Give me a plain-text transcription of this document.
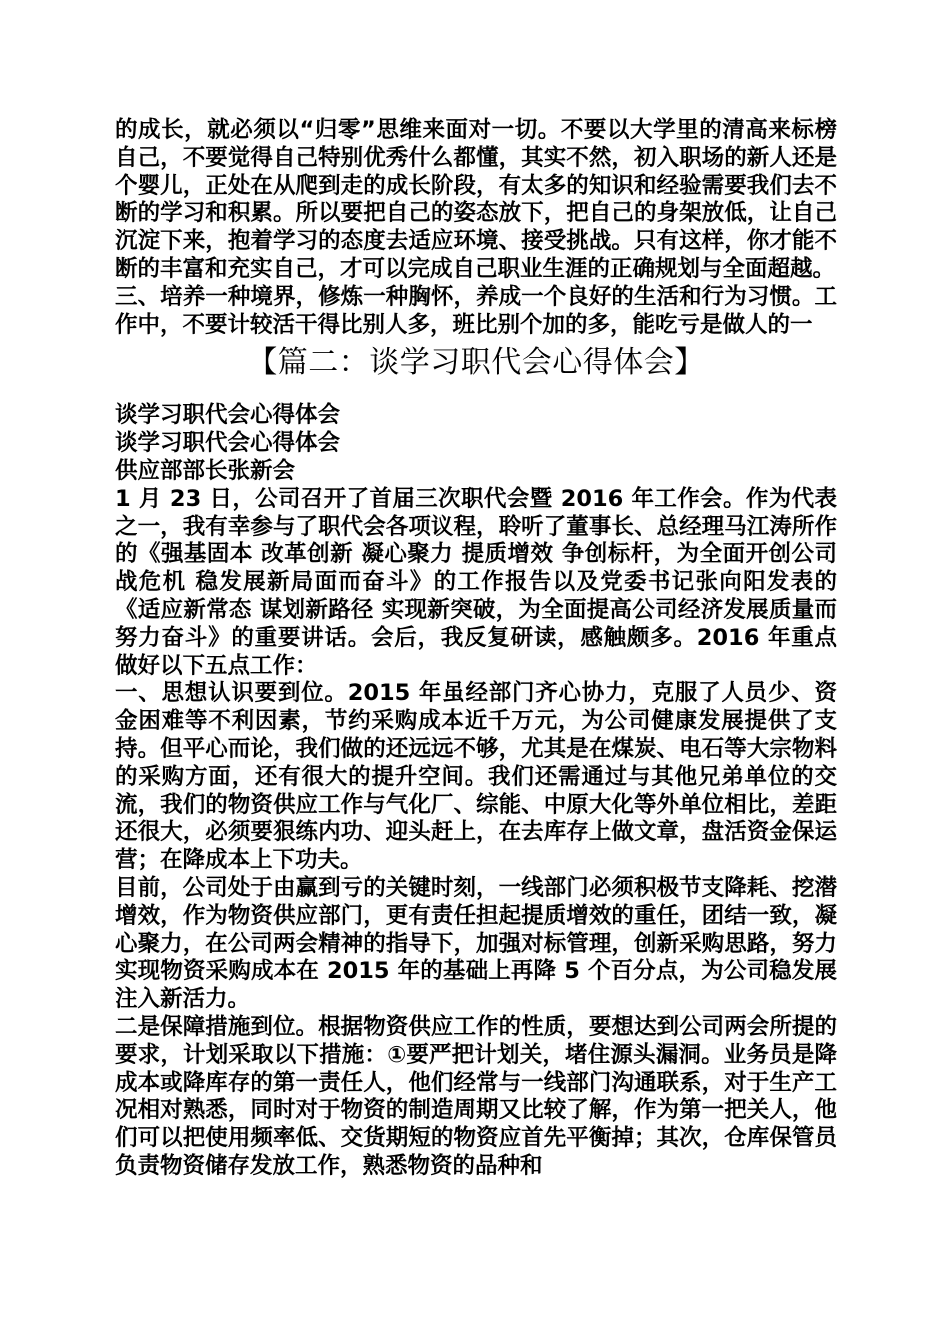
的成长，就必须以“归零”思维来面对一切。不要以大学里的清高来标榜自己，不要觉得自己特别优秀什么都懂，其实不然，初入职场的新人还是个婴儿，正处在从爬到走的成长阶段，有太多的知识和经验需要我们去不断的学习和积累。所以要把自己的姿态放下，把自己的身架放低，让自己沉淀下来，抱着学习的态度去适应环境、接受挑战。只有这样，你才能不断的丰富和充实自己，才可以完成自己职业生涯的正确规划与全面超越。

三、培养一种境界，修炼一种胸怀，养成一个良好的生活和行为习惯。工作中，不要计较活干得比别人多，班比别个加的多，能吃亏是做人的一

【篇二：谈学习职代会心得体会】
谈学习职代会心得体会
谈学习职代会心得体会
供应部部长张新会

1 月 23 日，公司召开了首届三次职代会暨 2016 年工作会。作为代表之一，我有幸参与了职代会各项议程，聆听了董事长、总经理马江涛所作的《强基固本 改革创新 凝心聚力 提质增效 争创标杆，为全面开创公司战危机 稳发展新局面而奋斗》的工作报告以及党委书记张向阳发表的《适应新常态 谋划新路径 实现新突破，为全面提高公司经济发展质量而努力奋斗》的重要讲话。会后，我反复研读，感触颇多。2016 年重点做好以下五点工作：

一、思想认识要到位。2015 年虽经部门齐心协力，克服了人员少、资金困难等不利因素，节约采购成本近千万元，为公司健康发展提供了支持。但平心而论，我们做的还远远不够，尤其是在煤炭、电石等大宗物料的采购方面，还有很大的提升空间。我们还需通过与其他兄弟单位的交流，我们的物资供应工作与气化厂、综能、中原大化等外单位相比，差距还很大，必须要狠练内功、迎头赶上，在去库存上做文章，盘活资金保运营；在降成本上下功夫。

目前，公司处于由赢到亏的关键时刻，一线部门必须积极节支降耗、挖潜增效，作为物资供应部门，更有责任担起提质增效的重任，团结一致，凝心聚力，在公司两会精神的指导下，加强对标管理，创新采购思路，努力实现物资采购成本在 2015 年的基础上再降 5 个百分点，为公司稳发展注入新活力。

二是保障措施到位。根据物资供应工作的性质，要想达到公司两会所提的要求，计划采取以下措施：①要严把计划关，堵住源头漏洞。业务员是降成本或降库存的第一责任人，他们经常与一线部门沟通联系，对于生产工况相对熟悉，同时对于物资的制造周期又比较了解，作为第一把关人，他们可以把使用频率低、交货期短的物资应首先平衡掉；其次，仓库保管员负责物资储存发放工作，熟悉物资的品种和
